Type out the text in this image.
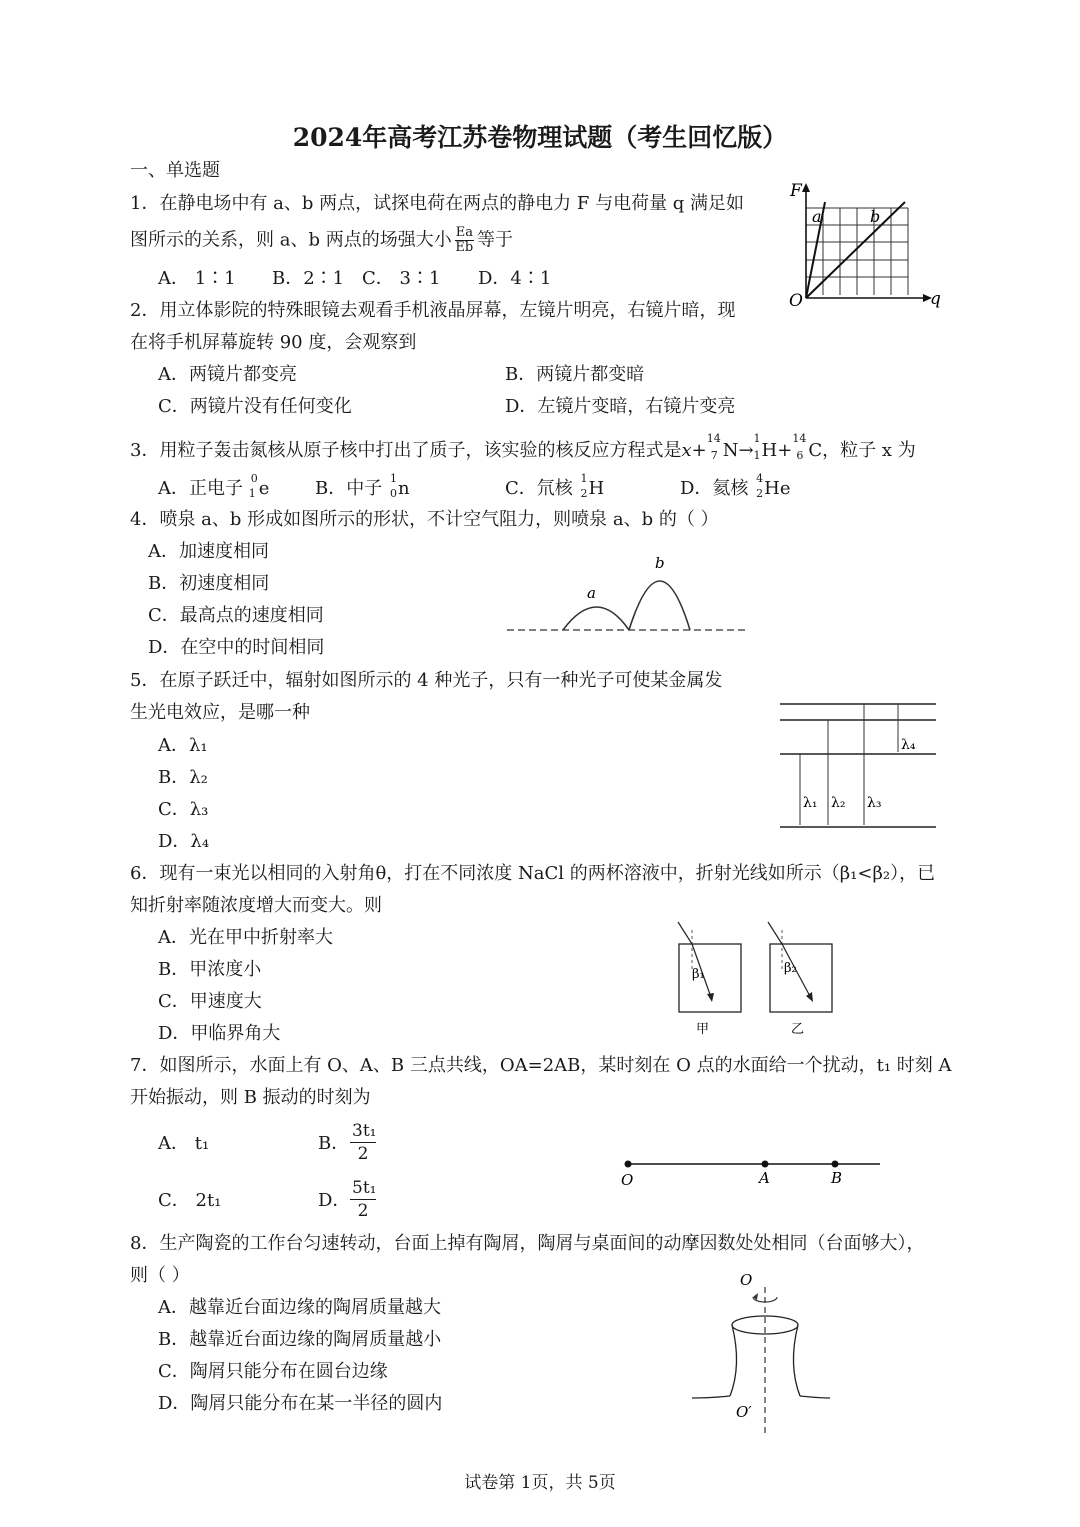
2024年高考江苏卷物理试题（考生回忆版）
一、单选题
1．在静电场中有 a、b 两点，试探电荷在两点的静电力 F 与电荷量 q 满足如
图所示的关系，则 a、b 两点的场强大小 $\frac{Ea}{Eb}$ 等于
A． 1∶1 B．2∶1 C． 3∶1 D．4∶1
F
q
O
a	b
2．用立体影院的特殊眼镜去观看手机液晶屏幕，左镜片明亮，右镜片暗，现
在将手机屏幕旋转 90 度，会观察到
A．两镜片都变亮	B．两镜片都变暗
C．两镜片没有任何变化	D．左镜片变暗，右镜片变亮
3．用粒子轰击氮核从原子核中打出了质子，该实验的核反应方程式是x+
14
7 N→
1
1 H+
14
6 C，粒子 x 为
A．正电子 0
1 e	B．中子 1
0 n	C．氘核 1
2 H	D．氦核 4
2 He
4．喷泉 a、b 形成如图所示的形状，不计空气阻力，则喷泉 a、b 的（ ）
A．加速度相同
B．初速度相同
C．最高点的速度相同
D．在空中的时间相同
a
b
5．在原子跃迁中，辐射如图所示的 4 种光子，只有一种光子可使某金属发
生光电效应，是哪一种
A．λ₁
B．λ₂
C．λ₃
D．λ₄
λ₄
λ₁ λ₂ λ₃
6．现有一束光以相同的入射角θ，打在不同浓度 NaCl 的两杯溶液中，折射光线如所示（β₁<β₂），已
知折射率随浓度增大而变大。则
A．光在甲中折射率大
B．甲浓度小
C．甲速度大
D．甲临界角大
β₁	β₂
甲	乙
7．如图所示，水面上有 O、A、B 三点共线，OA=2AB，某时刻在 O 点的水面给一个扰动，t₁ 时刻 A
开始振动，则 B 振动的时刻为
A． t₁	B． $\frac{\text{3t₁}}{2}$
C． 2t₁	D． $\frac{\text{5t₁}}{2}$	O	A	B
8．生产陶瓷的工作台匀速转动，台面上掉有陶屑，陶屑与桌面间的动摩因数处处相同（台面够大），
则（ ）
A．越靠近台面边缘的陶屑质量越大
B．越靠近台面边缘的陶屑质量越小
C．陶屑只能分布在圆台边缘
D．陶屑只能分布在某一半径的圆内
O
O′
试卷第 1页，共 5页
